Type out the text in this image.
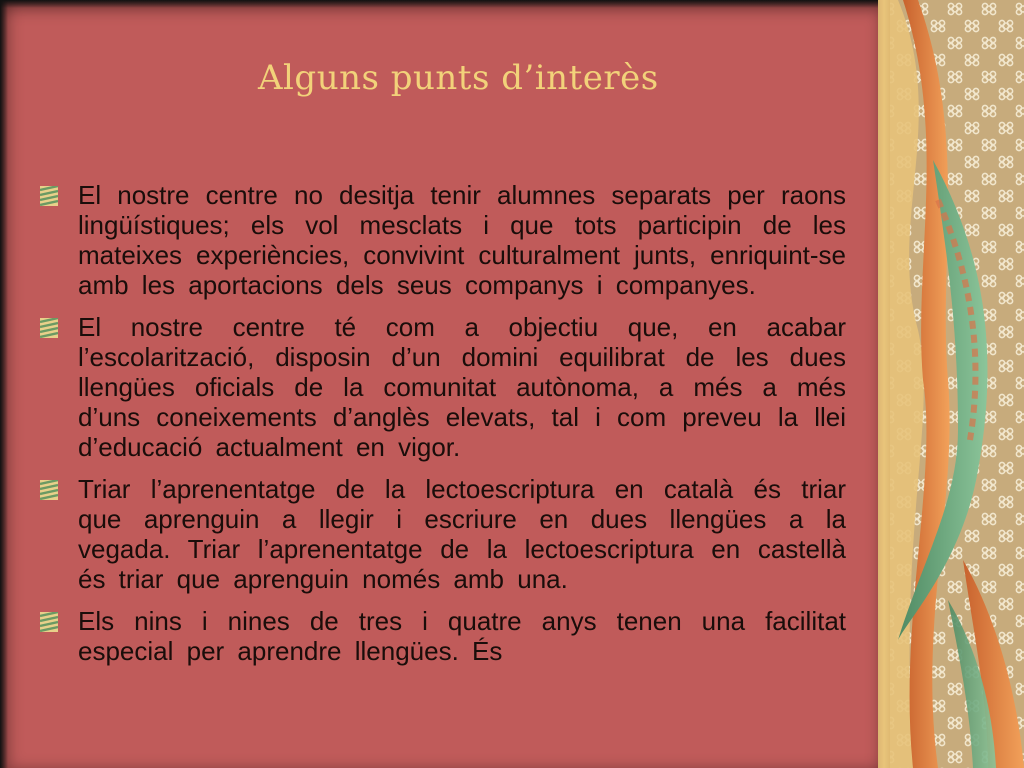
Alguns punts d’interès
El nostre centre no desitja tenir alumnes separats per raons lingüístiques; els vol mesclats i que tots participin de les mateixes experiències, convivint culturalment junts, enriquint-se amb les aportacions dels seus companys i companyes.
El nostre centre té com a objectiu que, en acabar l’escolarització, disposin d’un domini equilibrat de les dues llengües oficials de la comunitat autònoma, a més a més d’uns coneixements d’anglès elevats, tal i com preveu la llei d’educació actualment en vigor.
Triar l’aprenentatge de la lectoescriptura en català és triar que aprenguin a llegir i escriure en dues llengües a la vegada. Triar l’aprenentatge de la lectoescriptura en castellà és triar que aprenguin només amb una.
Els nins i nines de tres i quatre anys tenen una facilitat especial per aprendre llengües. És
